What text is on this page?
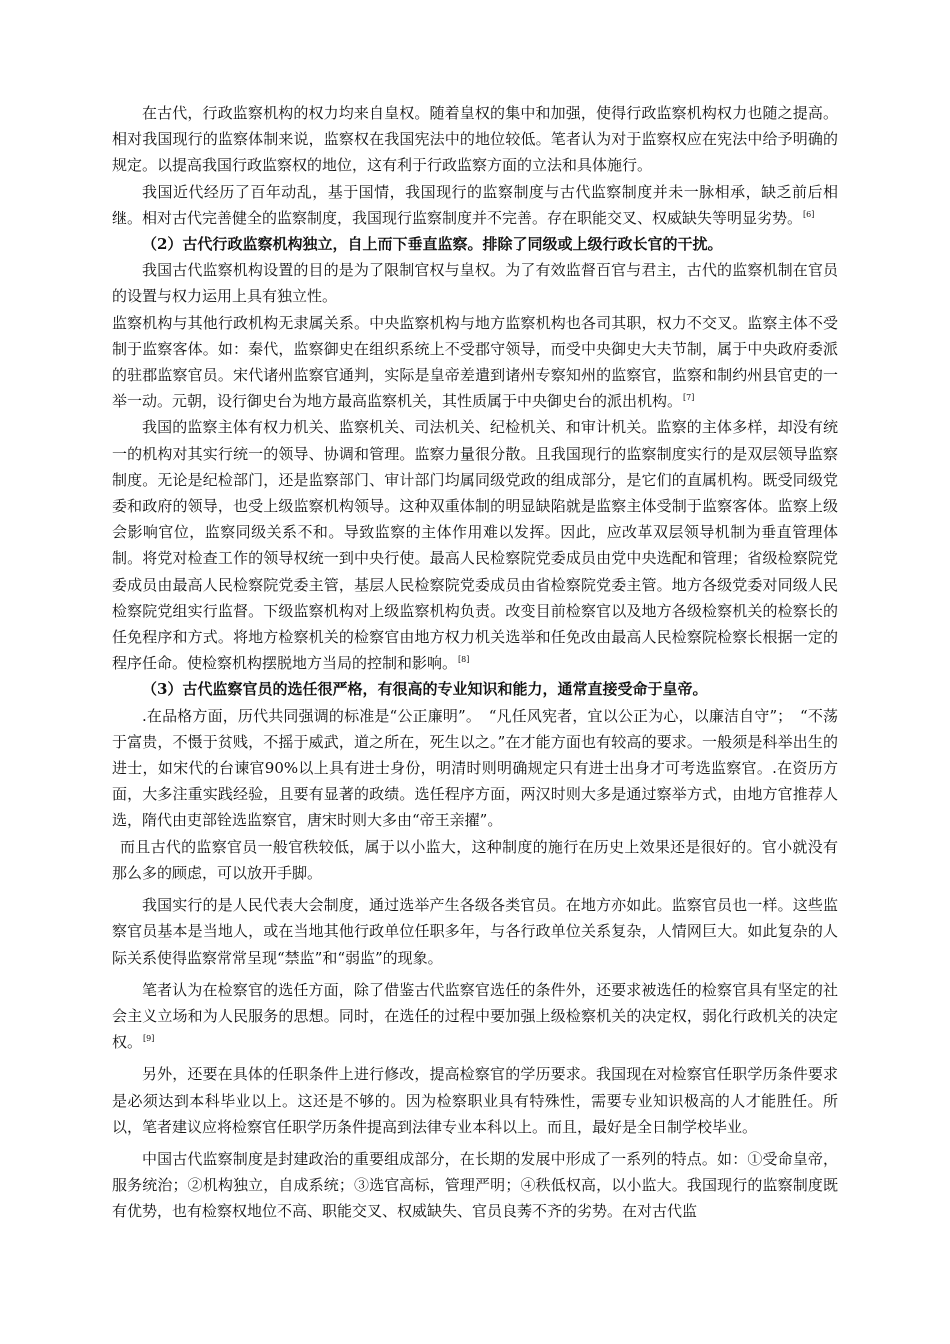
在古代，行政监察机构的权力均来自皇权。随着皇权的集中和加强，使得行政监察机构权力也随之提高。相对我国现行的监察体制来说，监察权在我国宪法中的地位较低。笔者认为对于监察权应在宪法中给予明确的规定。以提高我国行政监察权的地位，这有利于行政监察方面的立法和具体施行。

我国近代经历了百年动乱，基于国情，我国现行的监察制度与古代监察制度并未一脉相承，缺乏前后相继。相对古代完善健全的监察制度，我国现行监察制度并不完善。存在职能交叉、权威缺失等明显劣势。[6]

（2）古代行政监察机构独立，自上而下垂直监察。排除了同级或上级行政长官的干扰。

我国古代监察机构设置的目的是为了限制官权与皇权。为了有效监督百官与君主，古代的监察机制在官员的设置与权力运用上具有独立性。

监察机构与其他行政机构无隶属关系。中央监察机构与地方监察机构也各司其职，权力不交叉。监察主体不受制于监察客体。如：秦代，监察御史在组织系统上不受郡守领导，而受中央御史大夫节制，属于中央政府委派的驻郡监察官员。宋代诸州监察官通判，实际是皇帝差遣到诸州专察知州的监察官，监察和制约州县官吏的一举一动。元朝，设行御史台为地方最高监察机关，其性质属于中央御史台的派出机构。[7]

我国的监察主体有权力机关、监察机关、司法机关、纪检机关、和审计机关。监察的主体多样，却没有统一的机构对其实行统一的领导、协调和管理。监察力量很分散。且我国现行的监察制度实行的是双层领导监察制度。无论是纪检部门，还是监察部门、审计部门均属同级党政的组成部分，是它们的直属机构。既受同级党委和政府的领导，也受上级监察机构领导。这种双重体制的明显缺陷就是监察主体受制于监察客体。监察上级会影响官位，监察同级关系不和。导致监察的主体作用难以发挥。因此，应改革双层领导机制为垂直管理体制。将党对检查工作的领导权统一到中央行使。最高人民检察院党委成员由党中央选配和管理；省级检察院党委成员由最高人民检察院党委主管，基层人民检察院党委成员由省检察院党委主管。地方各级党委对同级人民检察院党组实行监督。下级监察机构对上级监察机构负责。改变目前检察官以及地方各级检察机关的检察长的任免程序和方式。将地方检察机关的检察官由地方权力机关选举和任免改由最高人民检察院检察长根据一定的程序任命。使检察机构摆脱地方当局的控制和影响。[8]

（3）古代监察官员的选任很严格，有很高的专业知识和能力，通常直接受命于皇帝。

.在品格方面，历代共同强调的标准是“公正廉明”。　“凡任风宪者，宜以公正为心，以廉洁自守”；　“不荡于富贵，不慑于贫贱，不摇于威武，道之所在，死生以之。”在才能方面也有较高的要求。一般须是科举出生的进士，如宋代的台谏官90%以上具有进士身份，明清时则明确规定只有进士出身才可考选监察官。.在资历方面，大多注重实践经验，且要有显著的政绩。选任程序方面，两汉时则大多是通过察举方式，由地方官推荐人选，隋代由吏部铨选监察官，唐宋时则大多由“帝王亲擢”。

而且古代的监察官员一般官秩较低，属于以小监大，这种制度的施行在历史上效果还是很好的。官小就没有那么多的顾虑，可以放开手脚。

我国实行的是人民代表大会制度，通过选举产生各级各类官员。在地方亦如此。监察官员也一样。这些监察官员基本是当地人，或在当地其他行政单位任职多年，与各行政单位关系复杂，人情网巨大。如此复杂的人际关系使得监察常常呈现“禁监”和“弱监”的现象。

笔者认为在检察官的选任方面，除了借鉴古代监察官选任的条件外，还要求被选任的检察官具有坚定的社会主义立场和为人民服务的思想。同时，在选任的过程中要加强上级检察机关的决定权，弱化行政机关的决定权。[9]

另外，还要在具体的任职条件上进行修改，提高检察官的学历要求。我国现在对检察官任职学历条件要求是必须达到本科毕业以上。这还是不够的。因为检察职业具有特殊性，需要专业知识极高的人才能胜任。所以，笔者建议应将检察官任职学历条件提高到法律专业本科以上。而且，最好是全日制学校毕业。

中国古代监察制度是封建政治的重要组成部分，在长期的发展中形成了一系列的特点。如：①受命皇帝，服务统治；②机构独立，自成系统；③选官高标，管理严明；④秩低权高，以小监大。我国现行的监察制度既有优势，也有检察权地位不高、职能交叉、权威缺失、官员良莠不齐的劣势。在对古代监
